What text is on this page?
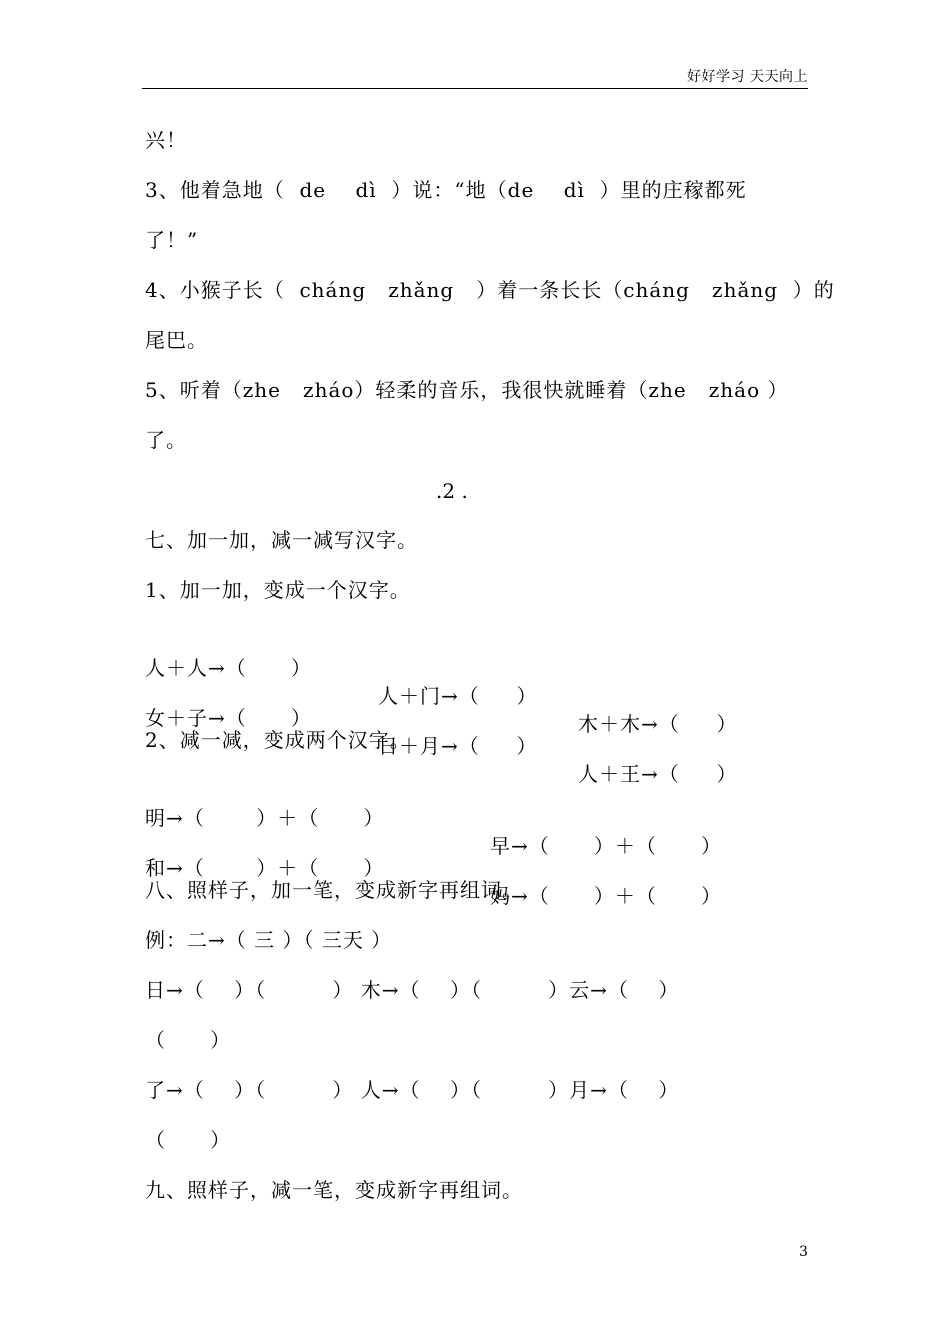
好好学习 天天向上
兴！
3、他着急地（  de    dì  ）说：“地（de    dì  ）里的庄稼都死
了！”
4、小猴子长（  cháng   zhǎng   ）着一条长长（cháng   zhǎng  ）的
尾巴。
5、听着（zhe   zháo）轻柔的音乐，我很快就睡着（zhe   zháo ）
了。
.2 .
七、加一加，减一减写汉字。
1、加一加，变成一个汉字。

人＋人→（      ）

人＋门→（     ）

木＋木→（     ）

女＋子→（      ）

日＋月→（     ）

人＋王→（     ）

2、减一减，变成两个汉字。

明→（       ）＋（      ）

早→（      ）＋（      ）

和→（       ）＋（      ）

妈→（      ）＋（      ）

八、照样子，加一笔，变成新字再组词。
例：二→（ 三 ）（ 三天 ）
日→（    ）（         ） 木→（    ）（         ）云→（    ）
（      ）
了→（    ）（         ） 人→（    ）（         ）月→（    ）
（      ）
九、照样子，减一笔，变成新字再组词。
3
